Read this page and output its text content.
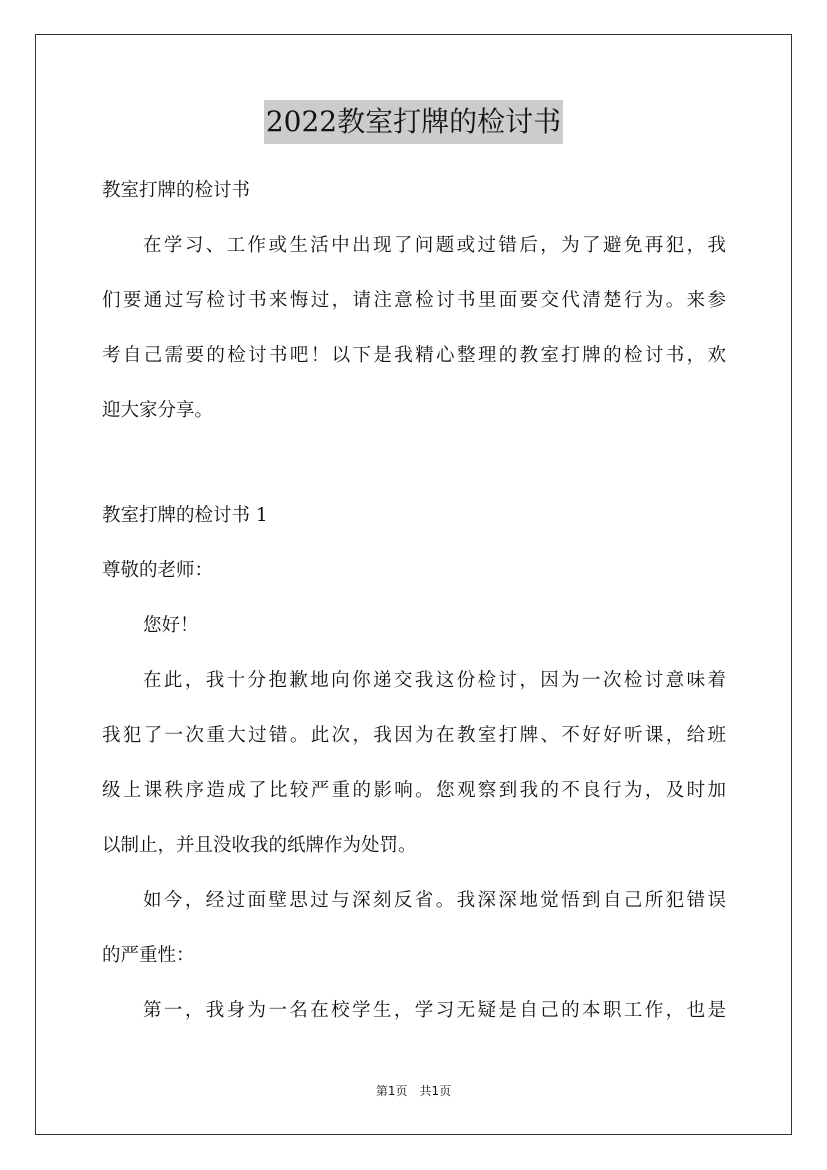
2022教室打牌的检讨书
教室打牌的检讨书
在学习、工作或生活中出现了问题或过错后，为了避免再犯，我
们要通过写检讨书来悔过，请注意检讨书里面要交代清楚行为。来参
考自己需要的检讨书吧！以下是我精心整理的教室打牌的检讨书，欢
迎大家分享。
教室打牌的检讨书 1
尊敬的老师：
您好！
在此，我十分抱歉地向你递交我这份检讨，因为一次检讨意味着
我犯了一次重大过错。此次，我因为在教室打牌、不好好听课，给班
级上课秩序造成了比较严重的影响。您观察到我的不良行为，及时加
以制止，并且没收我的纸牌作为处罚。
如今，经过面壁思过与深刻反省。我深深地觉悟到自己所犯错误
的严重性：
第一，我身为一名在校学生，学习无疑是自己的本职工作，也是
第1页　共1页
